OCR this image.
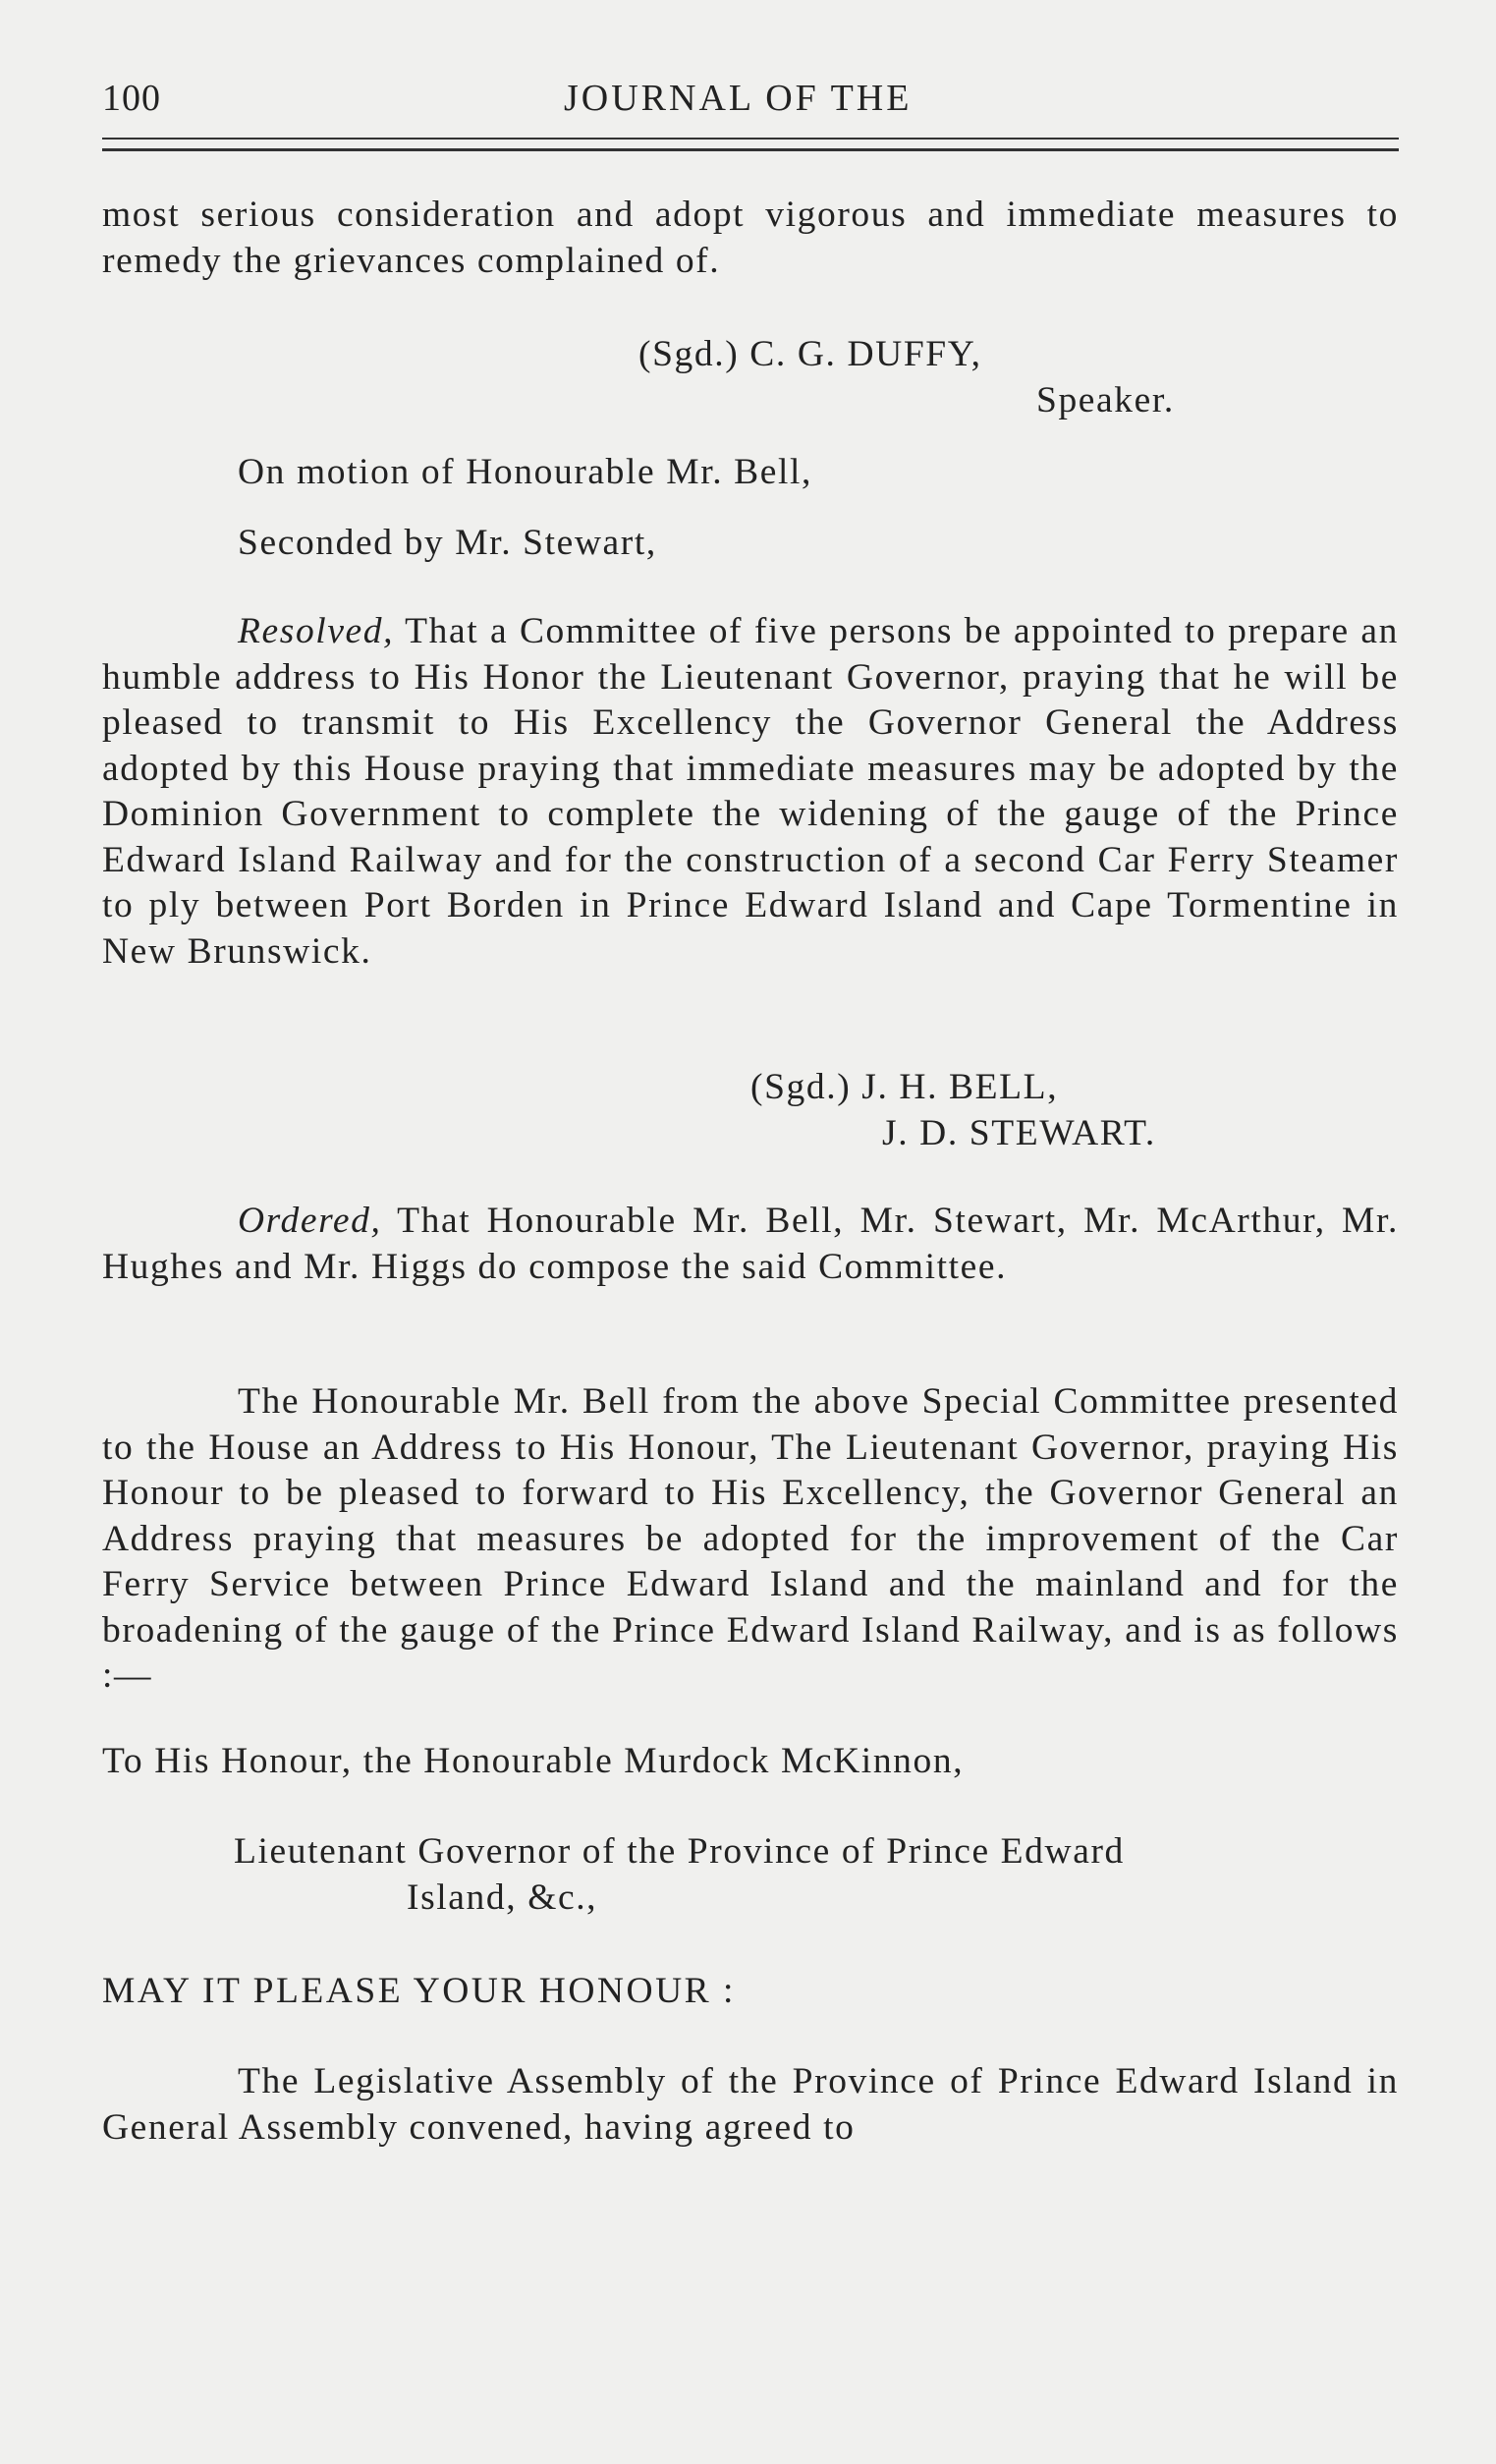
100	JOURNAL OF THE

most serious consideration and adopt vigorous and immediate measures to remedy the grievances complained of.

(Sgd.) C. G. DUFFY,

Speaker.

On motion of Honourable Mr. Bell,

Seconded by Mr. Stewart,

Resolved, That a Committee of five persons be appointed to prepare an humble address to His Honor the Lieutenant Governor, praying that he will be pleased to transmit to His Excellency the Governor General the Address adopted by this House praying that immediate measures may be adopted by the Dominion Government to complete the widening of the gauge of the Prince Edward Island Railway and for the construction of a second Car Ferry Steamer to ply between Port Borden in Prince Edward Island and Cape Tormentine in New Brunswick.

(Sgd.) J. H. BELL,

J. D. STEWART.

Ordered, That Honourable Mr. Bell, Mr. Stewart, Mr. McArthur, Mr. Hughes and Mr. Higgs do compose the said Committee.

The Honourable Mr. Bell from the above Special Committee presented to the House an Address to His Honour, The Lieutenant Governor, praying His Honour to be pleased to forward to His Excellency, the Governor General an Address praying that measures be adopted for the improvement of the Car Ferry Service between Prince Edward Island and the mainland and for the broadening of the gauge of the Prince Edward Island Railway, and is as follows :—

To His Honour, the Honourable Murdock McKinnon,

Lieutenant Governor of the Province of Prince Edward

Island, &c.,

MAY IT PLEASE YOUR HONOUR :

The Legislative Assembly of the Province of Prince Edward Island in General Assembly convened, having agreed to
